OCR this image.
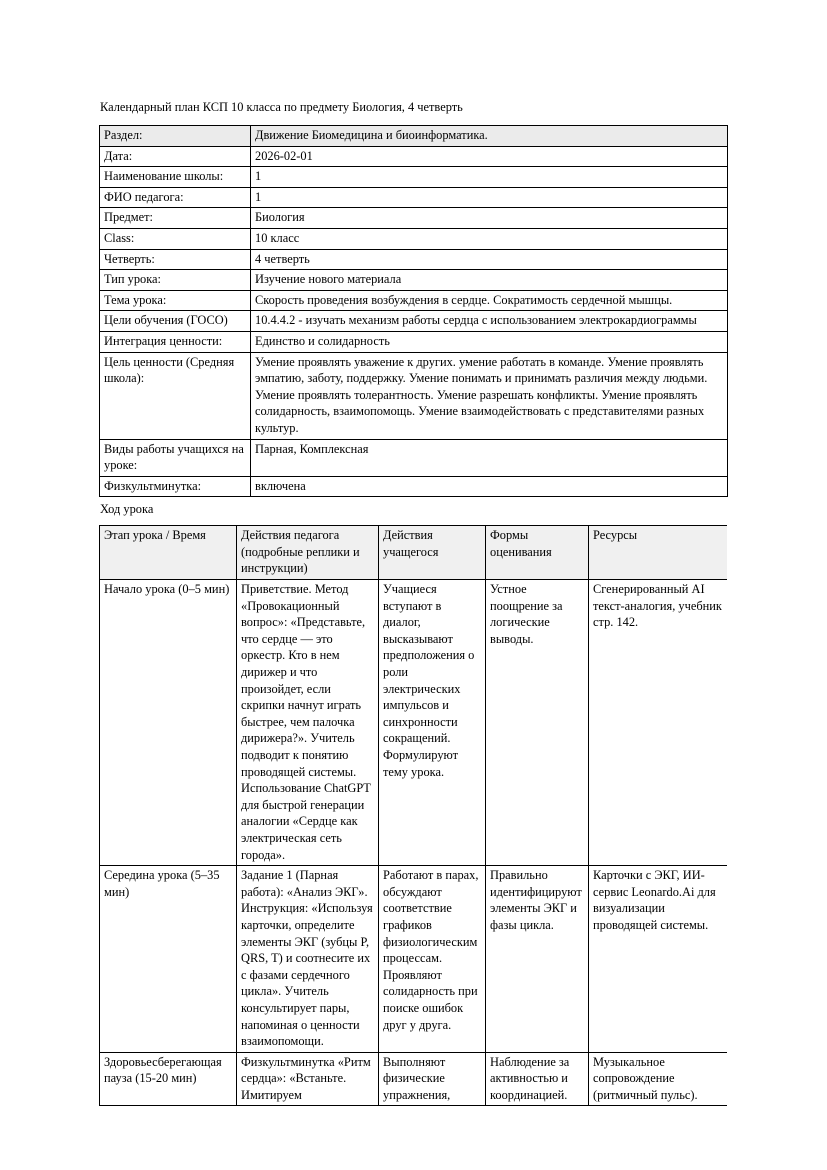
Календарный план КСП 10 класса по предмету Биология, 4 четверть
Раздел:	Движение Биомедицина и биоинформатика.
Дата:	2026-02-01
Наименование школы:	1
ФИО педагога:	1
Предмет:	Биология
Class:	10 класс
Четверть:	4 четверть
Тип урока:	Изучение нового материала
Тема урока:	Скорость проведения возбуждения в сердце. Сократимость сердечной мышцы.
Цели обучения (ГОСО)	10.4.4.2 - изучать механизм работы сердца с использованием электрокардиограммы
Интеграция ценности:	Единство и солидарность
Цель ценности (Средняя школа):	Умение проявлять уважение к других. умение работать в команде. Умение проявлять эмпатию, заботу, поддержку. Умение понимать и принимать различия между людьми. Умение проявлять толерантность. Умение разрешать конфликты. Умение проявлять солидарность, взаимопомощь. Умение взаимодействовать с представителями разных культур.
Виды работы учащихся на уроке:	Парная, Комплексная
Физкультминутка:	включена
Ход урока
Этап урока / Время	Действия педагога (подробные реплики и инструкции)	Действия учащегося	Формы оценивания	Ресурсы
Начало урока (0–5 мин)	Приветствие. Метод «Провокационный вопрос»: «Представьте, что сердце — это оркестр. Кто в нем дирижер и что произойдет, если скрипки начнут играть быстрее, чем палочка дирижера?». Учитель подводит к понятию проводящей системы. Использование ChatGPT для быстрой генерации аналогии «Сердце как электрическая сеть города».	Учащиеся вступают в диалог, высказывают предположения о роли электрических импульсов и синхронности сокращений. Формулируют тему урока.	Устное поощрение за логические выводы.	Сгенерированный AI текст-аналогия, учебник стр. 142.
Середина урока (5–35 мин)	Задание 1 (Парная работа): «Анализ ЭКГ». Инструкция: «Используя карточки, определите элементы ЭКГ (зубцы P, QRS, T) и соотнесите их с фазами сердечного цикла». Учитель консультирует пары, напоминая о ценности взаимопомощи.	Работают в парах, обсуждают соответствие графиков физиологическим процессам. Проявляют солидарность при поиске ошибок друг у друга.	Правильно идентифицируют элементы ЭКГ и фазы цикла.	Карточки с ЭКГ, ИИ-сервис Leonardo.Ai для визуализации проводящей системы.
Здоровьесберегающая пауза (15-20 мин)	Физкультминутка «Ритм сердца»: «Встаньте. Имитируем	Выполняют физические упражнения,	Наблюдение за активностью и координацией.	Музыкальное сопровождение (ритмичный пульс).
